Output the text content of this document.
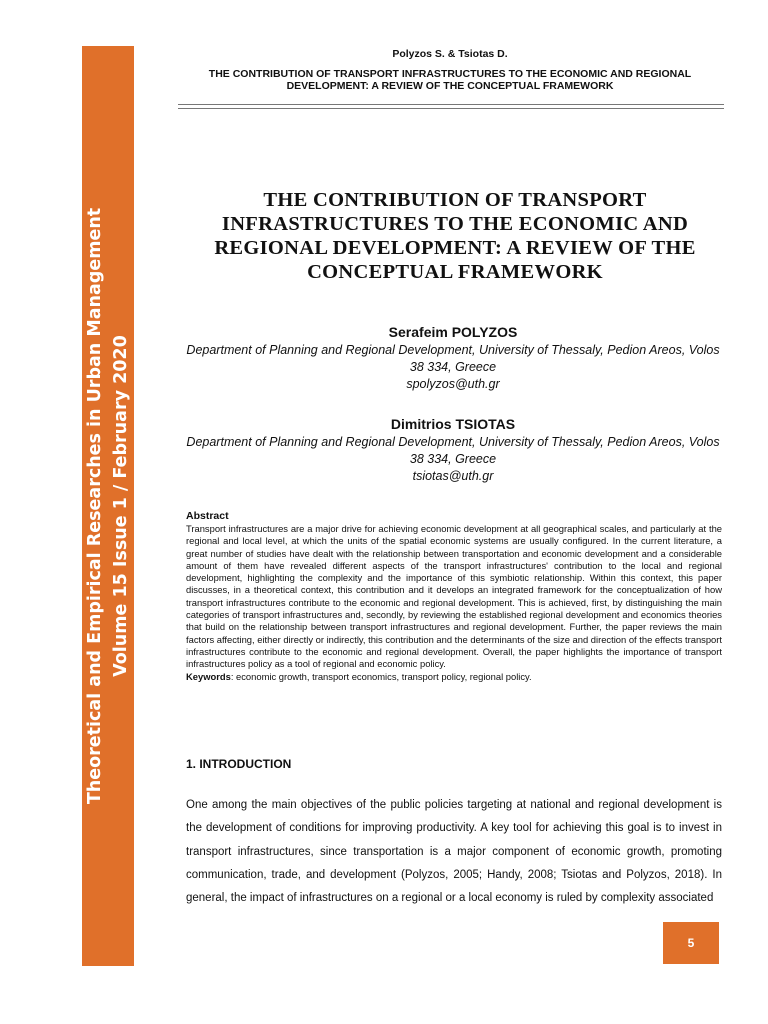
Theoretical and Empirical Researches in Urban Management Volume 15 Issue 1 / February 2020
Polyzos S. & Tsiotas D.
THE CONTRIBUTION OF TRANSPORT INFRASTRUCTURES TO THE ECONOMIC AND REGIONAL DEVELOPMENT: A REVIEW OF THE CONCEPTUAL FRAMEWORK
THE CONTRIBUTION OF TRANSPORT INFRASTRUCTURES TO THE ECONOMIC AND REGIONAL DEVELOPMENT: A REVIEW OF THE CONCEPTUAL FRAMEWORK
Serafeim POLYZOS
Department of Planning and Regional Development, University of Thessaly, Pedion Areos, Volos 38 334, Greece
spolyzos@uth.gr
Dimitrios TSIOTAS
Department of Planning and Regional Development, University of Thessaly, Pedion Areos, Volos 38 334, Greece
tsiotas@uth.gr
Abstract
Transport infrastructures are a major drive for achieving economic development at all geographical scales, and particularly at the regional and local level, at which the units of the spatial economic systems are usually configured. In the current literature, a great number of studies have dealt with the relationship between transportation and economic development and a considerable amount of them have revealed different aspects of the transport infrastructures' contribution to the local and regional development, highlighting the complexity and the importance of this symbiotic relationship. Within this context, this paper discusses, in a theoretical context, this contribution and it develops an integrated framework for the conceptualization of how transport infrastructures contribute to the economic and regional development. This is achieved, first, by distinguishing the main categories of transport infrastructures and, secondly, by reviewing the established regional development and economics theories that build on the relationship between transport infrastructures and regional development. Further, the paper reviews the main factors affecting, either directly or indirectly, this contribution and the determinants of the size and direction of the effects transport infrastructures contribute to the economic and regional development. Overall, the paper highlights the importance of transport infrastructures policy as a tool of regional and economic policy.
Keywords: economic growth, transport economics, transport policy, regional policy.
1. INTRODUCTION
One among the main objectives of the public policies targeting at national and regional development is the development of conditions for improving productivity. A key tool for achieving this goal is to invest in transport infrastructures, since transportation is a major component of economic growth, promoting communication, trade, and development (Polyzos, 2005; Handy, 2008; Tsiotas and Polyzos, 2018). In general, the impact of infrastructures on a regional or a local economy is ruled by complexity associated
5
